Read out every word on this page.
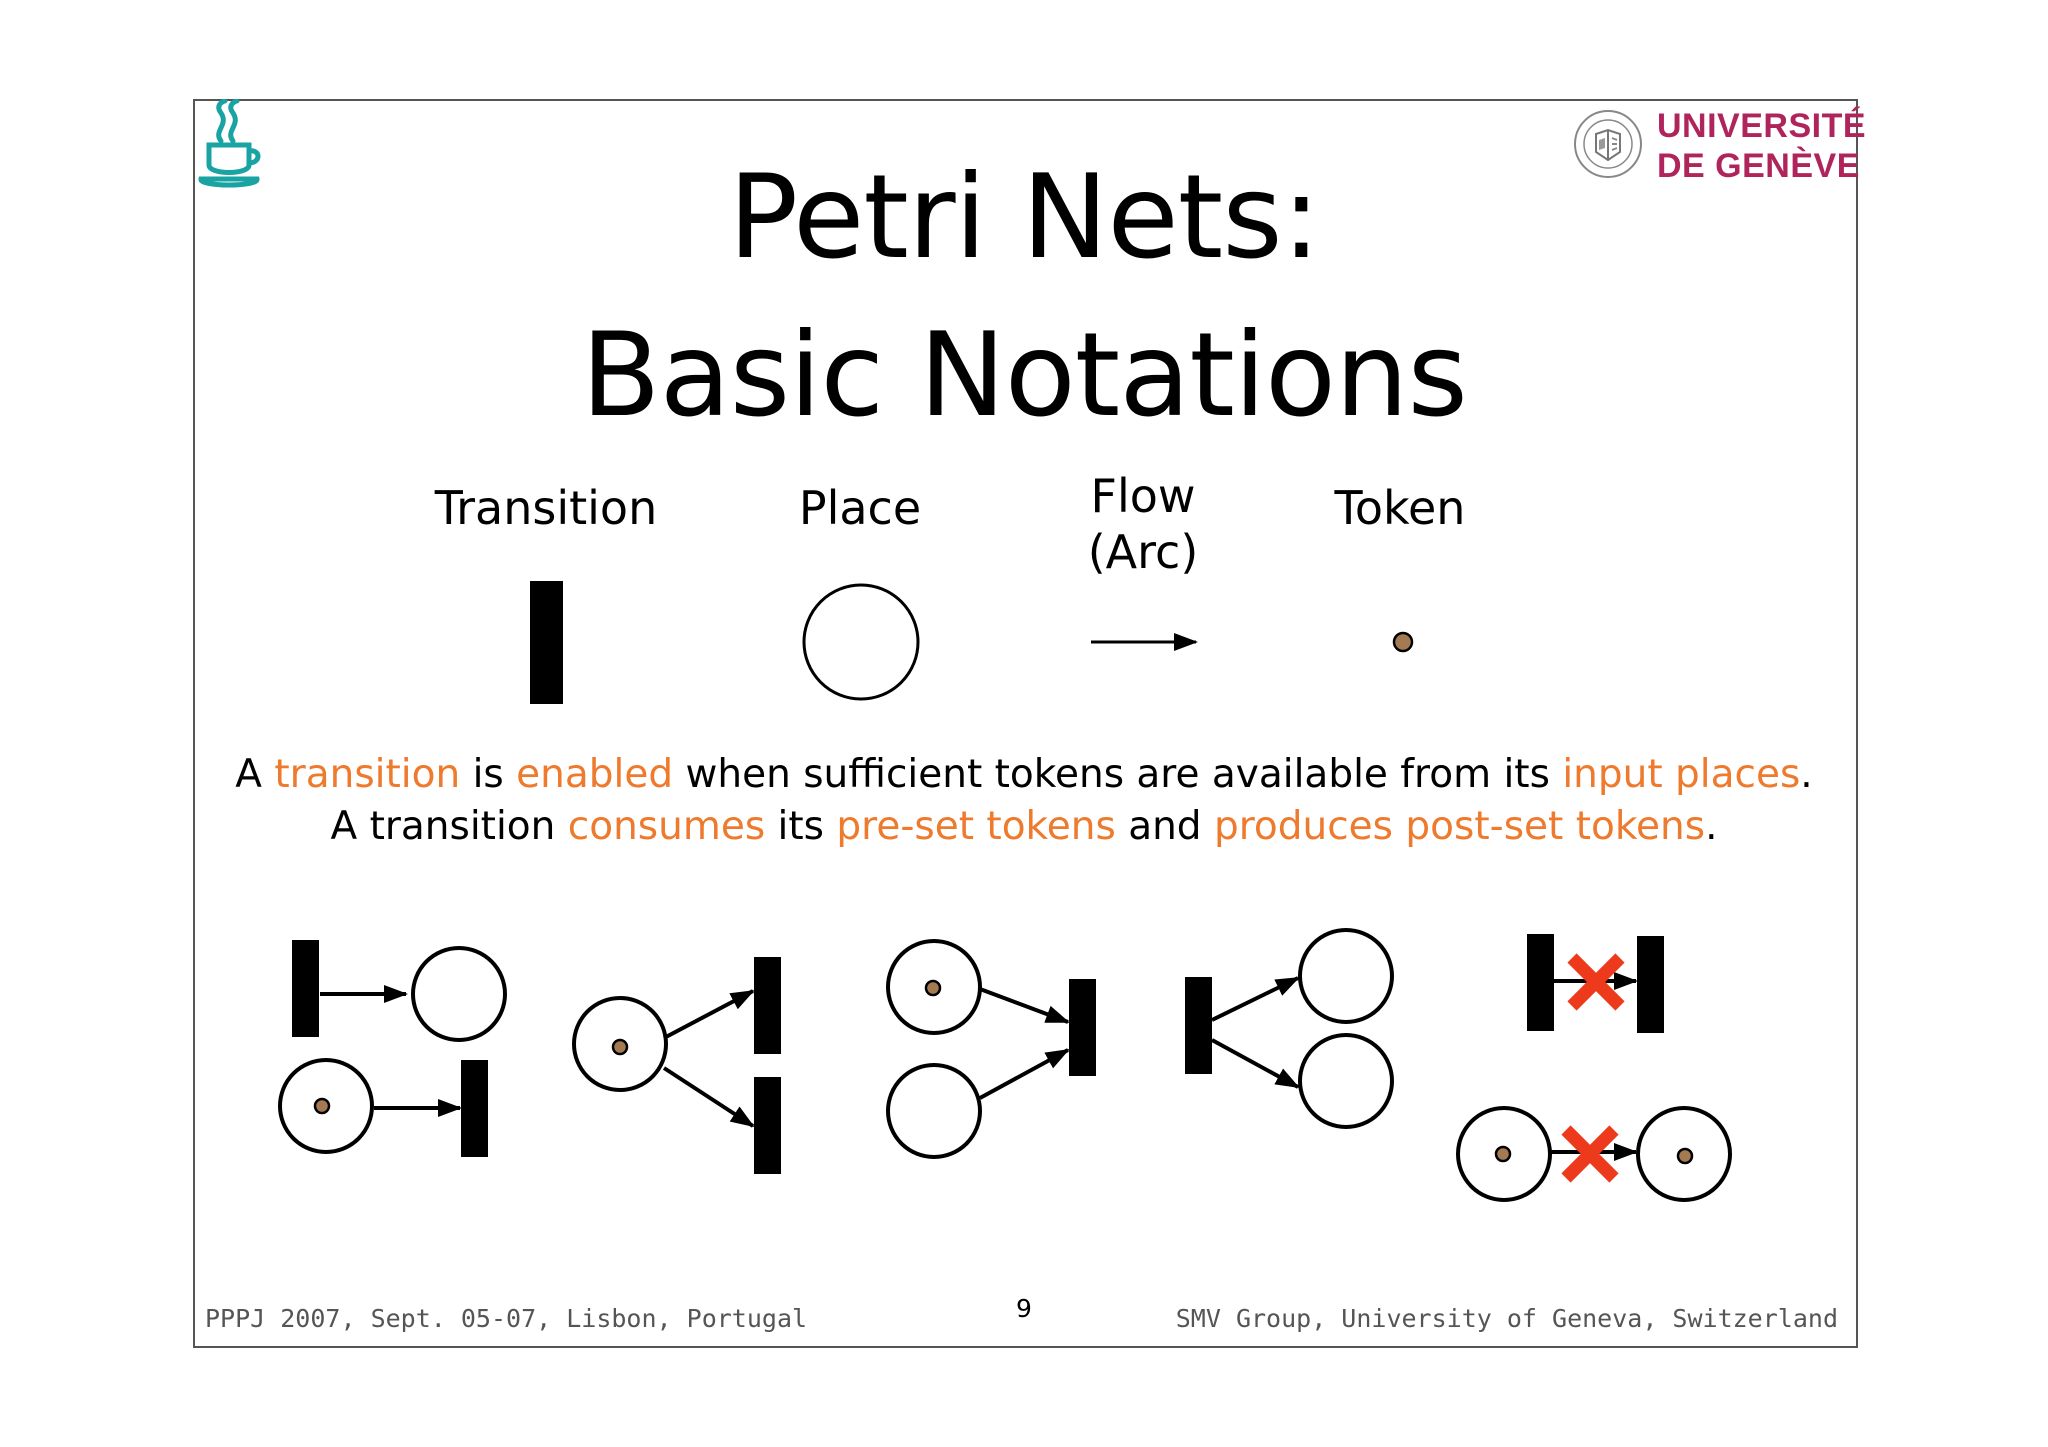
UNIVERSITÉ
DE GENÈVE
Petri Nets:
Basic Notations
Transition	Place	Flow
(Arc)
Token
A transition is enabled when sufficient tokens are available from its input places.
A transition consumes its pre-set tokens and produces post-set tokens.
PPPJ 2007, Sept. 05-07, Lisbon, Portugal	9	SMV Group, University of Geneva, Switzerland
